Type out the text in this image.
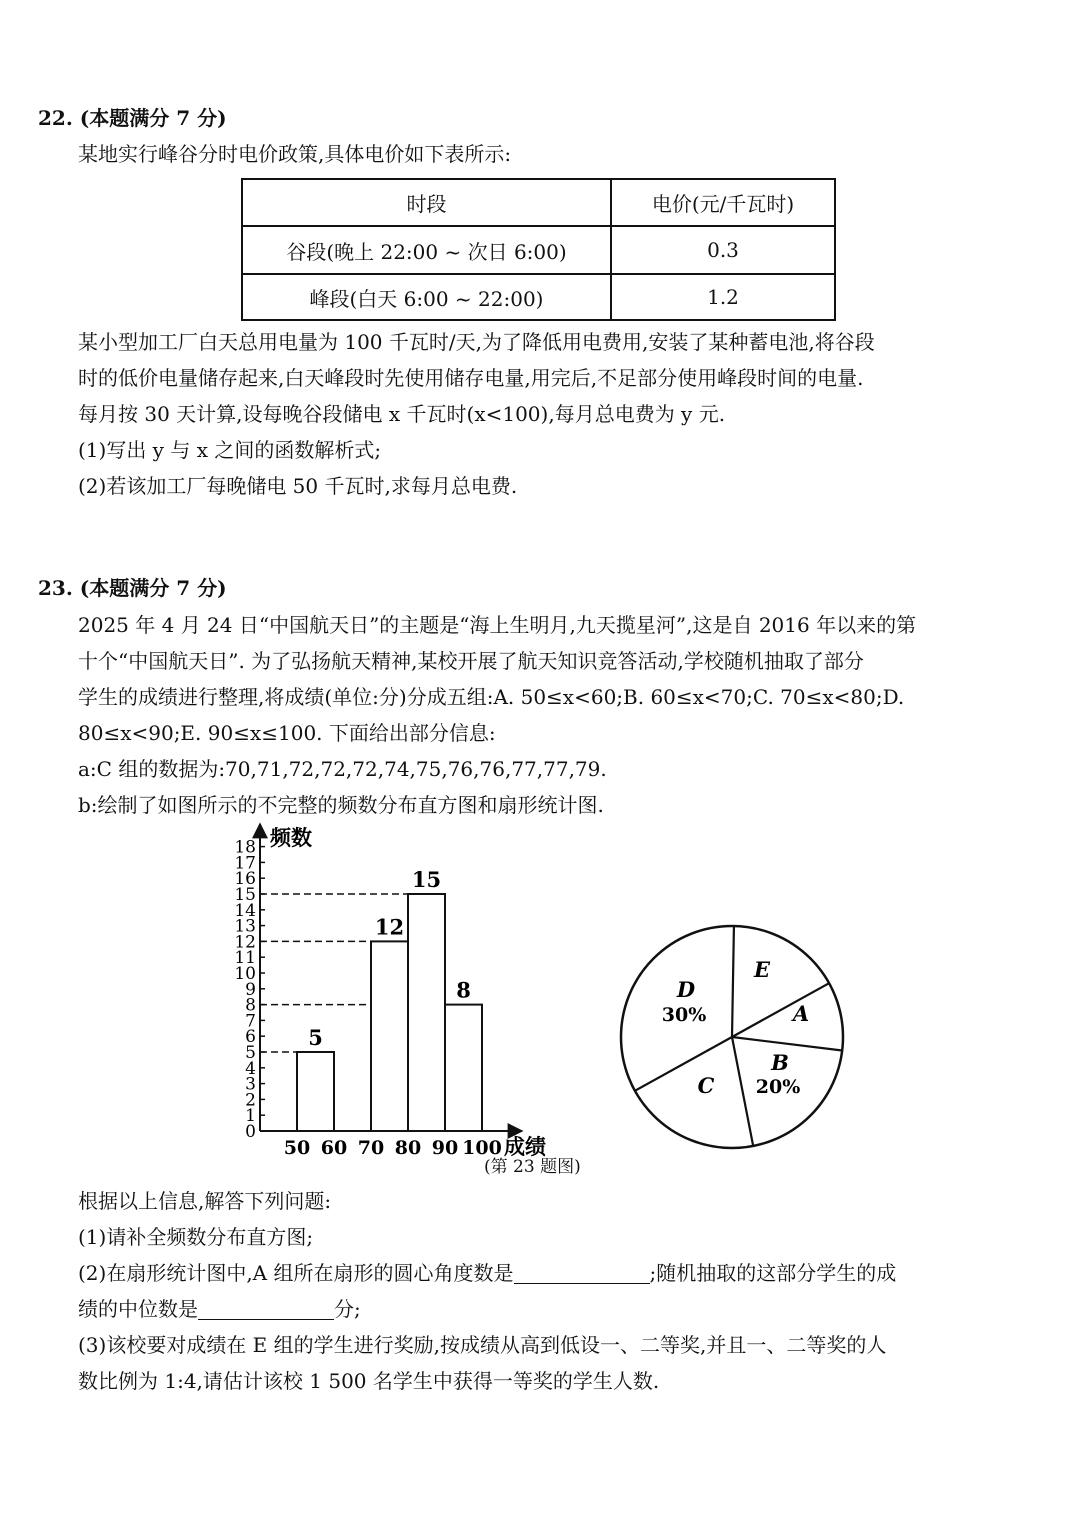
22. (本题满分 7 分)
某地实行峰谷分时电价政策,具体电价如下表所示:
时段	电价(元/千瓦时)
谷段(晚上 22:00 ~ 次日 6:00)	0.3
峰段(白天 6:00 ~ 22:00)	1.2
某小型加工厂白天总用电量为 100 千瓦时/天,为了降低用电费用,安装了某种蓄电池,将谷段
时的低价电量储存起来,白天峰段时先使用储存电量,用完后,不足部分使用峰段时间的电量.
每月按 30 天计算,设每晚谷段储电 x 千瓦时(x<100),每月总电费为 y 元.
(1)写出 y 与 x 之间的函数解析式;
(2)若该加工厂每晚储电 50 千瓦时,求每月总电费.
23. (本题满分 7 分)
2025 年 4 月 24 日“中国航天日”的主题是“海上生明月,九天揽星河”,这是自 2016 年以来的第
十个“中国航天日”. 为了弘扬航天精神,某校开展了航天知识竞答活动,学校随机抽取了部分
学生的成绩进行整理,将成绩(单位:分)分成五组:A. 50≤x<60;B. 60≤x<70;C. 70≤x<80;D.
80≤x<90;E. 90≤x≤100. 下面给出部分信息:
a:C 组的数据为:70,71,72,72,72,74,75,76,76,77,77,79.
b:绘制了如图所示的不完整的频数分布直方图和扇形统计图.
频数
成绩
0
1
2
3
4
5
6
7
8
9
10
11
12
13
14
15
16
17
18
50 60 70 80 90 100
5
12
15
8
(第 23 题图)
E
A
B
20%
C
D
30%
根据以上信息,解答下列问题:
(1)请补全频数分布直方图;
(2)在扇形统计图中,A 组所在扇形的圆心角度数是	;随机抽取的这部分学生的成
绩的中位数是	分;
(3)该校要对成绩在 E 组的学生进行奖励,按成绩从高到低设一、二等奖,并且一、二等奖的人
数比例为 1:4,请估计该校 1 500 名学生中获得一等奖的学生人数.
